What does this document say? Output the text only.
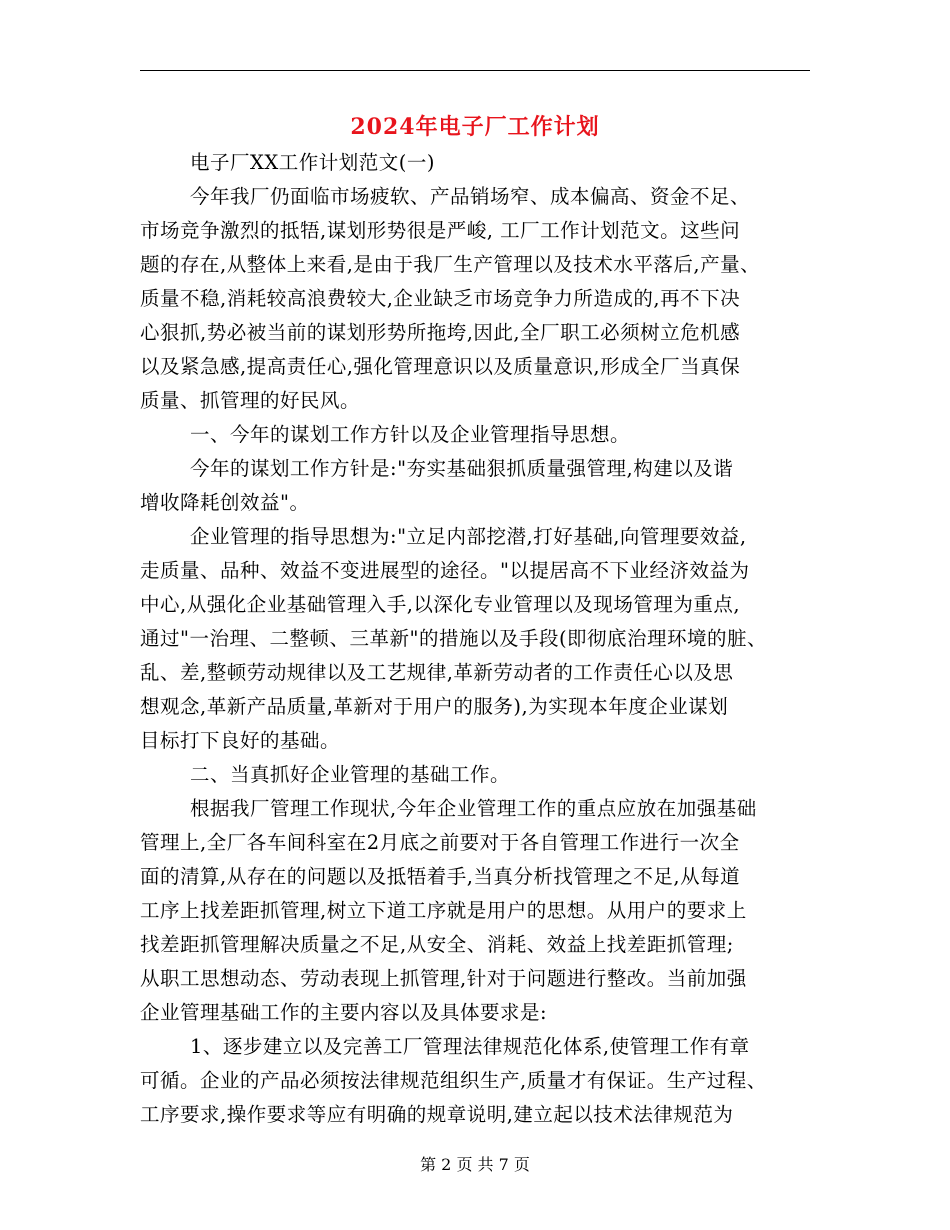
2024年电子厂工作计划
电子厂XX工作计划范文(一)
今年我厂仍面临市场疲软、产品销场窄、成本偏高、资金不足、
市场竞争激烈的抵牾,谋划形势很是严峻, 工厂工作计划范文。这些问
题的存在,从整体上来看,是由于我厂生产管理以及技术水平落后,产量、
质量不稳,消耗较高浪费较大,企业缺乏市场竞争力所造成的,再不下决
心狠抓,势必被当前的谋划形势所拖垮,因此,全厂职工必须树立危机感
以及紧急感,提高责任心,强化管理意识以及质量意识,形成全厂当真保
质量、抓管理的好民风。
一、今年的谋划工作方针以及企业管理指导思想。
今年的谋划工作方针是:"夯实基础狠抓质量强管理,构建以及谐
增收降耗创效益"。
企业管理的指导思想为:"立足内部挖潜,打好基础,向管理要效益,
走质量、品种、效益不变进展型的途径。"以提居高不下业经济效益为
中心,从强化企业基础管理入手,以深化专业管理以及现场管理为重点,
通过"一治理、二整顿、三革新"的措施以及手段(即彻底治理环境的脏、
乱、差,整顿劳动规律以及工艺规律,革新劳动者的工作责任心以及思
想观念,革新产品质量,革新对于用户的服务),为实现本年度企业谋划
目标打下良好的基础。
二、当真抓好企业管理的基础工作。
根据我厂管理工作现状,今年企业管理工作的重点应放在加强基础
管理上,全厂各车间科室在2月底之前要对于各自管理工作进行一次全
面的清算,从存在的问题以及抵牾着手,当真分析找管理之不足,从每道
工序上找差距抓管理,树立下道工序就是用户的思想。从用户的要求上
找差距抓管理解决质量之不足,从安全、消耗、效益上找差距抓管理;
从职工思想动态、劳动表现上抓管理,针对于问题进行整改。当前加强
企业管理基础工作的主要内容以及具体要求是:
1、逐步建立以及完善工厂管理法律规范化体系,使管理工作有章
可循。企业的产品必须按法律规范组织生产,质量才有保证。生产过程、
工序要求,操作要求等应有明确的规章说明,建立起以技术法律规范为
第 2 页 共 7 页
